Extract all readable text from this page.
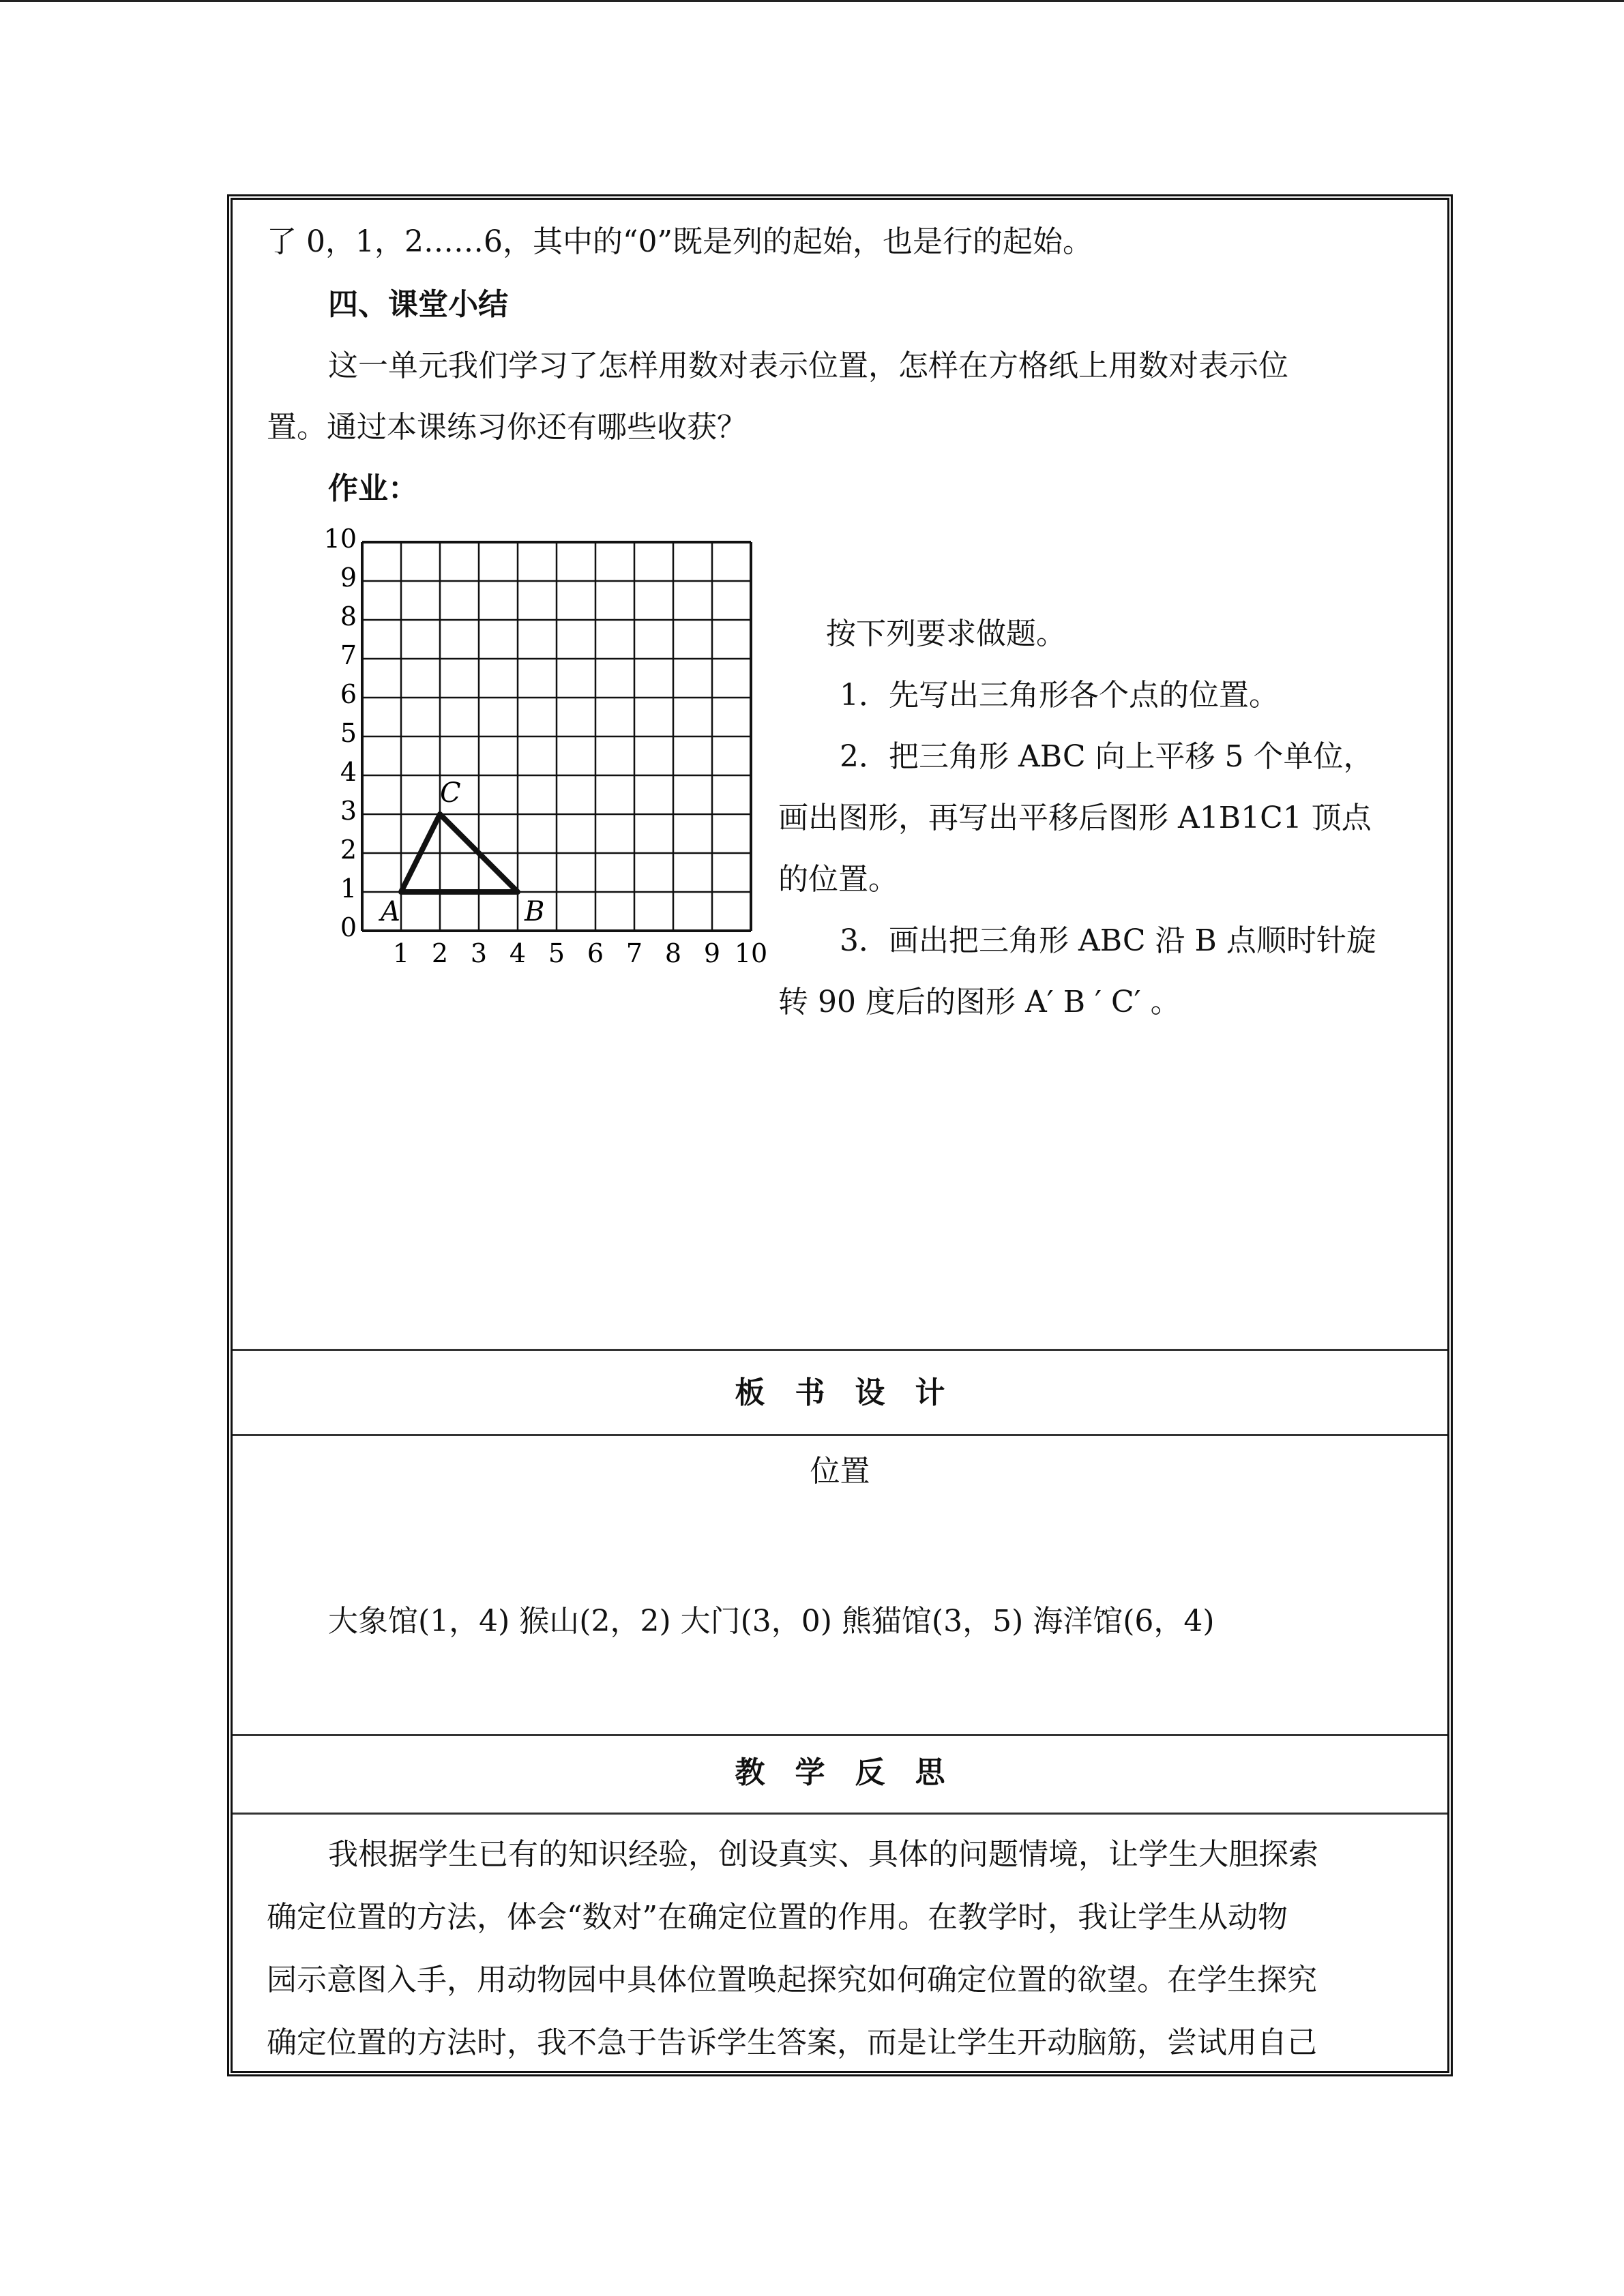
了 0，1，2……6，其中的“0”既是列的起始，也是行的起始。
四、课堂小结
这一单元我们学习了怎样用数对表示位置，怎样在方格纸上用数对表示位
置。通过本课练习你还有哪些收获？
作业：
0
1
2
3
4
5
6
7
8
9
10
1 2 3 4 5 6 7 8 9 10
A	B
C
按下列要求做题。
1．先写出三角形各个点的位置。
2．把三角形 ABC 向上平移 5 个单位，
画出图形，再写出平移后图形 A1B1C1 顶点
的位置。
3．画出把三角形 ABC 沿 B 点顺时针旋
转 90 度后的图形 A′ B ′ C′ 。
板　书　设　计
位置
大象馆(1，4) 猴山(2，2) 大门(3，0) 熊猫馆(3，5) 海洋馆(6，4)
教　学　反　思
我根据学生已有的知识经验，创设真实、具体的问题情境，让学生大胆探索
确定位置的方法，体会“数对”在确定位置的作用。在教学时，我让学生从动物
园示意图入手，用动物园中具体位置唤起探究如何确定位置的欲望。在学生探究
确定位置的方法时，我不急于告诉学生答案，而是让学生开动脑筋，尝试用自己
